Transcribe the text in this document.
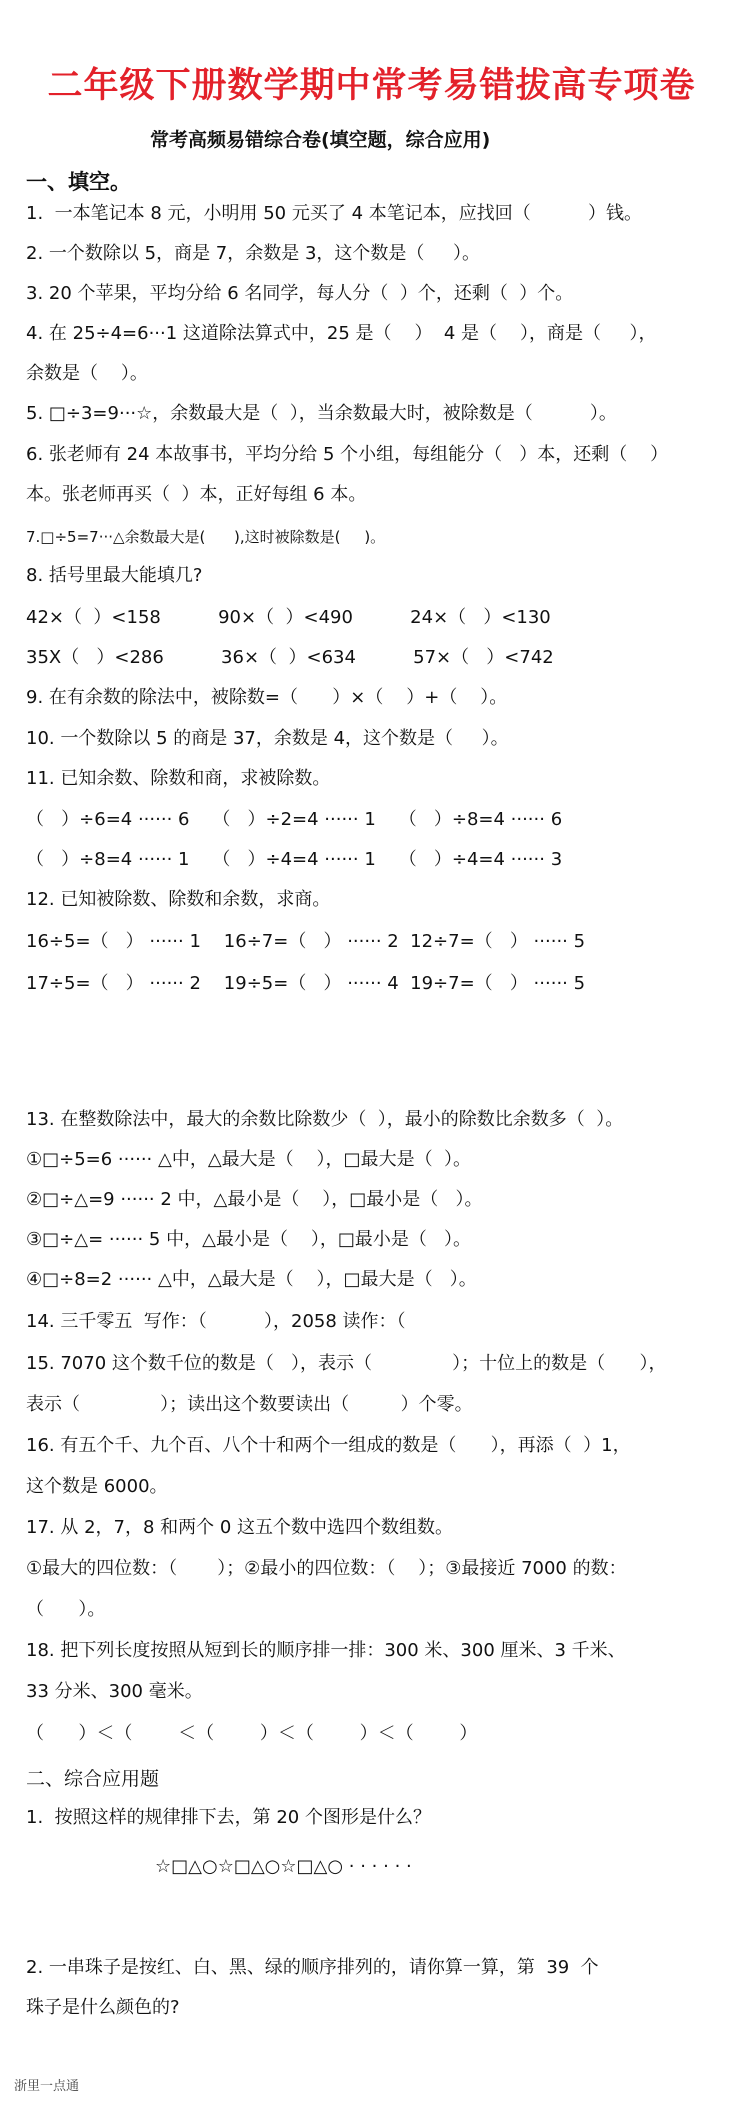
二年级下册数学期中常考易错拔高专项卷
常考高频易错综合卷(填空题，综合应用)
一、填空。
1.  一本笔记本 8 元，小明用 50 元买了 4 本笔记本，应找回（          ）钱。
2. 一个数除以 5，商是 7，余数是 3，这个数是（     ）。
3. 20 个苹果，平均分给 6 名同学，每人分（  ）个，还剩（  ）个。
4. 在 25÷4=6···1 这道除法算式中，25 是（    ）  4 是（    ），商是（     ），
余数是（    ）。
5. □÷3=9···☆，余数最大是（  ），当余数最大时，被除数是（          ）。
6. 张老师有 24 本故事书，平均分给 5 个小组，每组能分（   ）本，还剩（    ）
本。张老师再买（  ）本，正好每组 6 本。
7.□÷5=7···△余数最大是(      ),这时被除数是(     )。
8. 括号里最大能填几?
42×（  ）<158          90×（  ）<490          24×（   ）<130
35X（   ）<286          36×（  ）<634          57×（   ）<742
9. 在有余数的除法中，被除数=（      ）×（    ）+（    ）。
10. 一个数除以 5 的商是 37，余数是 4，这个数是（     ）。
11. 已知余数、除数和商，求被除数。
（   ）÷6=4 ······ 6    （   ）÷2=4 ······ 1    （   ）÷8=4 ······ 6
（   ）÷8=4 ······ 1    （   ）÷4=4 ······ 1    （   ）÷4=4 ······ 3
12. 已知被除数、除数和余数，求商。
16÷5=（   ） ······ 1    16÷7=（   ） ······ 2  12÷7=（   ） ······ 5
17÷5=（   ） ······ 2    19÷5=（   ） ······ 4  19÷7=（   ） ······ 5
13. 在整数除法中，最大的余数比除数少（  ），最小的除数比余数多（  ）。
①□÷5=6 ······ △中，△最大是（    ），□最大是（  ）。
②□÷△=9 ······ 2 中，△最小是（    ），□最小是（   ）。
③□÷△= ······ 5 中，△最小是（    ），□最小是（   ）。
④□÷8=2 ······ △中，△最大是（    ），□最大是（   ）。
14. 三千零五  写作：（          ），2058 读作：（
15. 7070 这个数千位的数是（   ），表示（              ）；十位上的数是（      ），
表示（              ）；读出这个数要读出（         ）个零。
16. 有五个千、九个百、八个十和两个一组成的数是（      ），再添（  ）1，
这个数是 6000。
17. 从 2，7，8 和两个 0 这五个数中选四个数组数。
①最大的四位数：（       ）；②最小的四位数：（    ）；③最接近 7000 的数：
（      ）。
18. 把下列长度按照从短到长的顺序排一排：300 米、300 厘米、3 千米、
33 分米、300 毫米。
（      ）＜（        ＜（        ）＜（        ）＜（        ）
二、综合应用题
1.  按照这样的规律排下去，第 20 个图形是什么？
☆□△○☆□△○☆□△○ · · · · · ·
2. 一串珠子是按红、白、黑、绿的顺序排列的，请你算一算，第  39  个
珠子是什么颜色的?
浙里一点通
